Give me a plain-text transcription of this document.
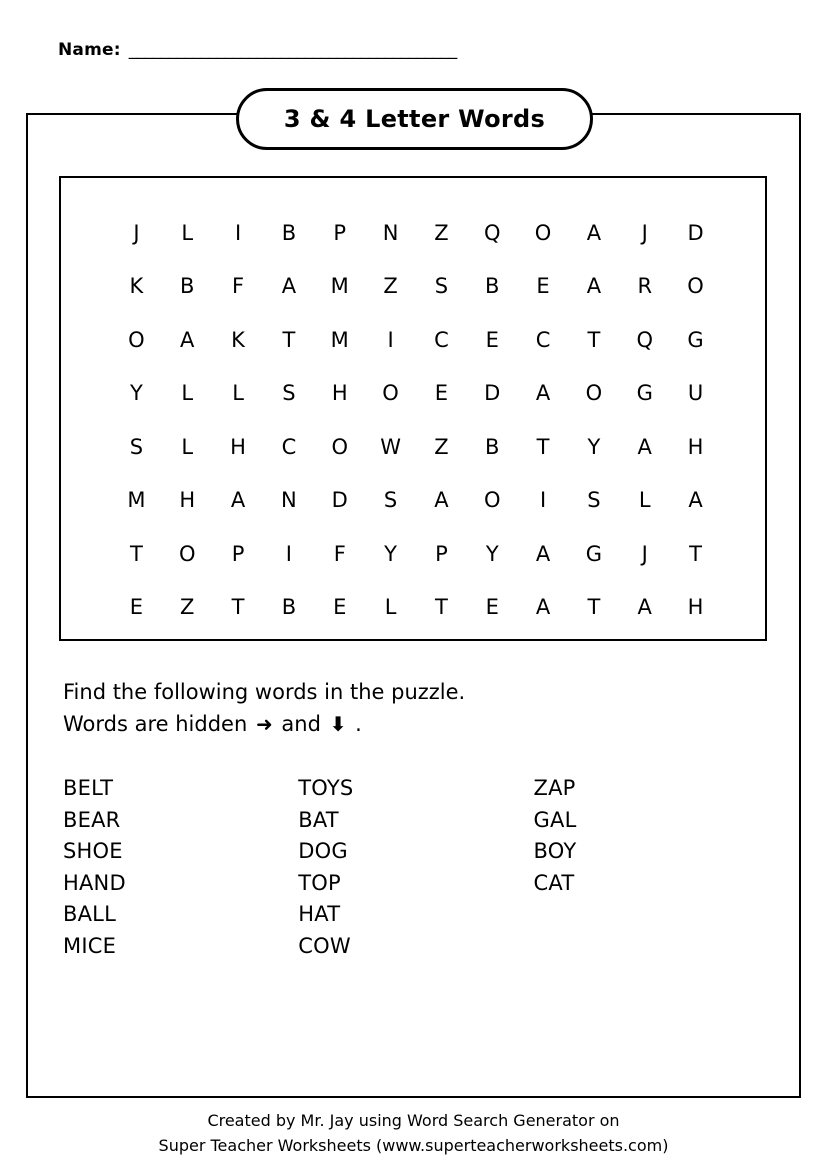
Name: _________________________________________
3 & 4 Letter Words
J	L	I	B	P	N	Z	Q	O	A	J	D
K	B	F	A	M	Z	S	B	E	A	R	O
O	A	K	T	M	I	C	E	C	T	Q	G
Y	L	L	S	H	O	E	D	A	O	G	U
S	L	H	C	O	W	Z	B	T	Y	A	H
M	H	A	N	D	S	A	O	I	S	L	A
T	O	P	I	F	Y	P	Y	A	G	J	T
E	Z	T	B	E	L	T	E	A	T	A	H
Find the following words in the puzzle.
Words are hidden ➜ and ⬇ .
BELT
BEAR
SHOE
HAND
BALL
MICE
TOYS
BAT
DOG
TOP
HAT
COW
ZAP
GAL
BOY
CAT
Created by Mr. Jay using Word Search Generator on
Super Teacher Worksheets (www.superteacherworksheets.com)
